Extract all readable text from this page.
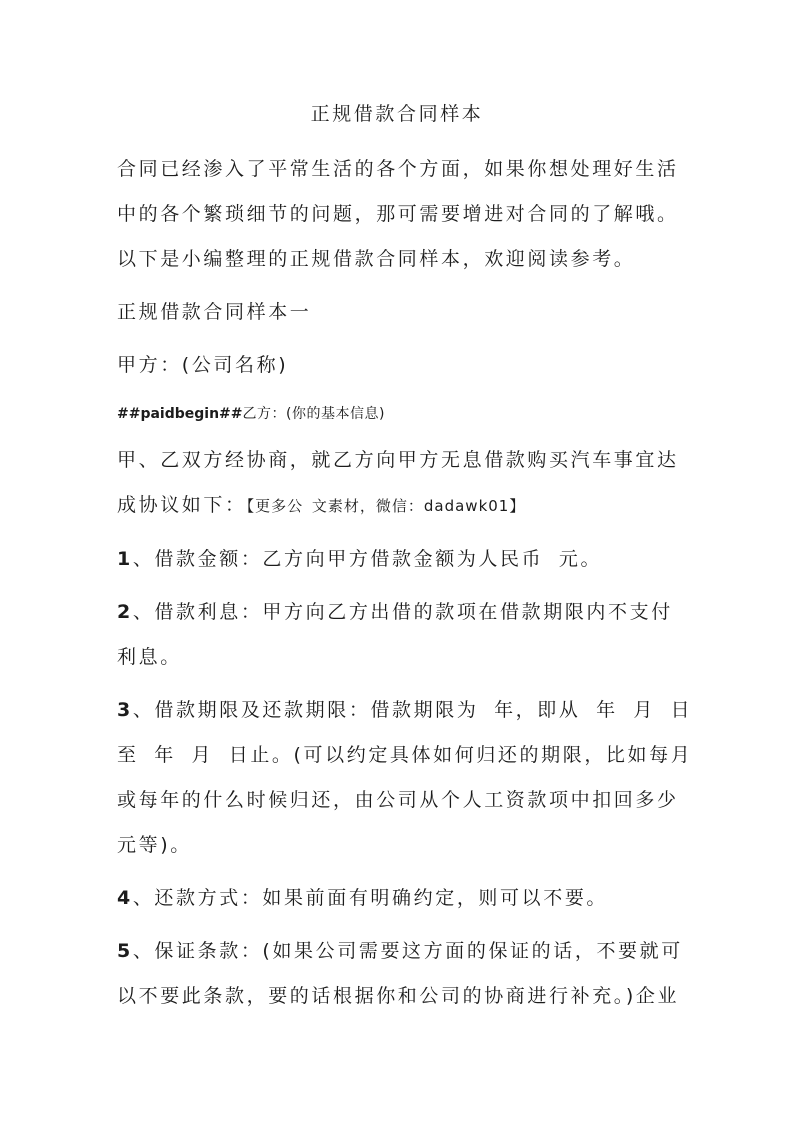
正规借款合同样本
合同已经渗入了平常生活的各个方面，如果你想处理好生活
中的各个繁琐细节的问题，那可需要增进对合同的了解哦。
以下是小编整理的正规借款合同样本，欢迎阅读参考。
正规借款合同样本一
甲方：(公司名称)
##paidbegin##乙方：(你的基本信息)
甲、乙双方经协商，就乙方向甲方无息借款购买汽车事宜达
成协议如下：【更多公 文素材，微信：dadawk01】
1、借款金额：乙方向甲方借款金额为人民币 元。
2、借款利息：甲方向乙方出借的款项在借款期限内不支付
利息。
3、借款期限及还款期限：借款期限为 年，即从 年 月 日
至 年 月 日止。(可以约定具体如何归还的期限，比如每月
或每年的什么时候归还，由公司从个人工资款项中扣回多少
元等)。
4、还款方式：如果前面有明确约定，则可以不要。
5、保证条款：(如果公司需要这方面的保证的话，不要就可
以不要此条款，要的话根据你和公司的协商进行补充。)企业
